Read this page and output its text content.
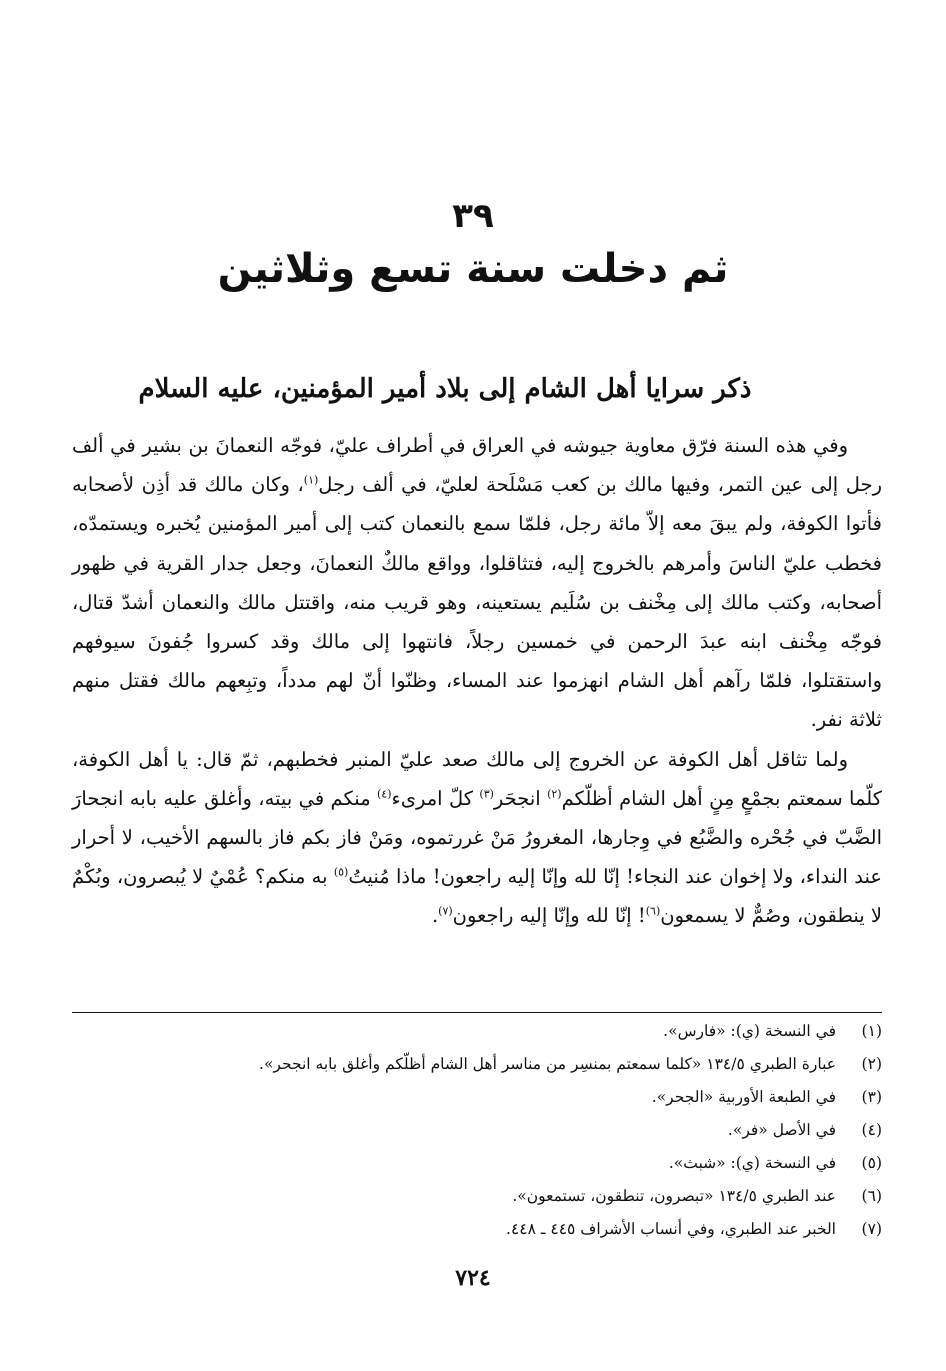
٣٩
ثم دخلت سنة تسع وثلاثين
ذكر سرايا أهل الشام إلى بلاد أمير المؤمنين، عليه السلام

وفي هذه السنة فرّق معاوية جيوشه في العراق في أطراف عليّ، فوجّه النعمانَ بن بشير في ألف رجل إلى عين التمر، وفيها مالك بن كعب مَسْلَحة لعليّ، في ألف رجل$^{(١)}$، وكان مالك قد أذِن لأصحابه فأتوا الكوفة، ولم يبقَ معه إلاّ مائة رجل، فلمّا سمع بالنعمان كتب إلى أمير المؤمنين يُخبره ويستمدّه، فخطب عليّ الناسَ وأمرهم بالخروج إليه، فتثاقلوا، وواقع مالكٌ النعمانَ، وجعل جدار القرية في ظهور أصحابه، وكتب مالك إلى مِخْنف بن سُلَيم يستعينه، وهو قريب منه، واقتتل مالك والنعمان أشدّ قتال، فوجّه مِخْنف ابنه عبدَ الرحمن في خمسين رجلاً، فانتهوا إلى مالك وقد كسروا جُفونَ سيوفهم واستقتلوا، فلمّا رآهم أهل الشام انهزموا عند المساء، وظنّوا أنّ لهم مدداً، وتبِعهم مالك فقتل منهم ثلاثة نفر.

ولما تثاقل أهل الكوفة عن الخروج إلى مالك صعد عليّ المنبر فخطبهم، ثمّ قال: يا أهل الكوفة، كلّما سمعتم بجمْعٍ مِنٍ أهل الشام أظلّكم$^{(٢)}$ انجحَر$^{(٣)}$ كلّ امرىء$^{(٤)}$ منكم في بيته، وأغلق عليه بابه انجحارَ الضَّبّ في جُحْره والضَّبُع في وِجارها، المغرورُ مَنْ غررتموه، ومَنْ فاز بكم فاز بالسهم الأخيب، لا أحرار عند النداء، ولا إخوان عند النجاء! إنّا لله وإنّا إليه راجعون! ماذا مُنيتُ$^{(٥)}$ به منكم؟ عُمْيٌ لا يُبصرون، وبُكْمٌ لا ينطقون، وصُمٌّ لا يسمعون$^{(٦)}$! إنّا لله وإنّا إليه راجعون$^{(٧)}$.

(١)
في النسخة (ي): «فارس».
(٢)
عبارة الطبري ١٣٤/٥ «كلما سمعتم بمنسِر من مناسر أهل الشام أظلّكم وأغلق بابه انجحر».
(٣)
في الطبعة الأوربية «الجحر».
(٤)
في الأصل «فر».
(٥)
في النسخة (ي): «شبث».
(٦)
عند الطبري ١٣٤/٥ «تبصرون، تنطقون، تستمعون».
(٧)
الخبر عند الطبري، وفي أنساب الأشراف ٤٤٥ ـ ٤٤٨.
٧٢٤
